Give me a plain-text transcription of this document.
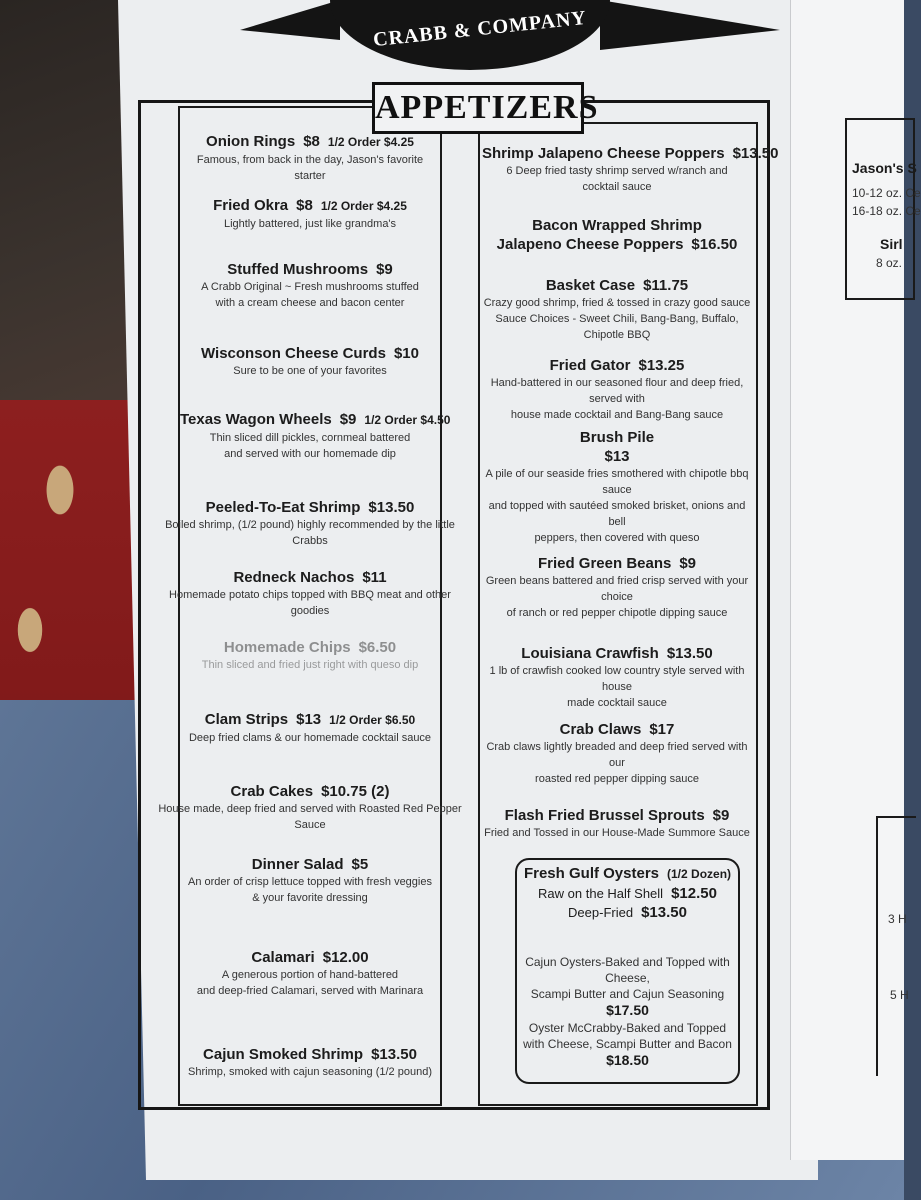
CRABB & COMPANY
APPETIZERS
Onion Rings $8 1/2 Order $4.25
Famous, from back in the day, Jason's favorite starter
Fried Okra $8 1/2 Order $4.25
Lightly battered, just like grandma's
Stuffed Mushrooms $9
A Crabb Original ~ Fresh mushrooms stuffed
with a cream cheese and bacon center
Wisconson Cheese Curds $10
Sure to be one of your favorites
Texas Wagon Wheels $9 1/2 Order $4.50
Thin sliced dill pickles, cornmeal battered
and served with our homemade dip
Peeled-To-Eat Shrimp $13.50
Boiled shrimp, (1/2 pound) highly recommended by the little Crabbs
Redneck Nachos $11
Homemade potato chips topped with BBQ meat and other goodies
Homemade Chips $6.50
Thin sliced and fried just right with queso dip
Clam Strips $13 1/2 Order $6.50
Deep fried clams & our homemade cocktail sauce
Crab Cakes $10.75 (2)
House made, deep fried and served with Roasted Red Pepper Sauce
Dinner Salad $5
An order of crisp lettuce topped with fresh veggies
& your favorite dressing
Calamari $12.00
A generous portion of hand-battered
and deep-fried Calamari, served with Marinara
Cajun Smoked Shrimp $13.50
Shrimp, smoked with cajun seasoning (1/2 pound)
Shrimp Jalapeno Cheese Poppers $13.50
6 Deep fried tasty shrimp served w/ranch and
cocktail sauce
Bacon Wrapped Shrimp
Jalapeno Cheese Poppers $16.50
Basket Case $11.75
Crazy good shrimp, fried & tossed in crazy good sauce
Sauce Choices - Sweet Chili, Bang-Bang, Buffalo, Chipotle BBQ
Fried Gator $13.25
Hand-battered in our seasoned flour and deep fried, served with
house made cocktail and Bang-Bang sauce
Brush Pile
$13
A pile of our seaside fries smothered with chipotle bbq sauce
and topped with sautéed smoked brisket, onions and bell
peppers, then covered with queso
Fried Green Beans $9
Green beans battered and fried crisp served with your choice
of ranch or red pepper chipotle dipping sauce
Louisiana Crawfish $13.50
1 lb of crawfish cooked low country style served with house
made cocktail sauce
Crab Claws $17
Crab claws lightly breaded and deep fried served with our
roasted red pepper dipping sauce
Flash Fried Brussel Sprouts $9
Fried and Tossed in our House-Made Summore Sauce
Fresh Gulf Oysters (1/2 Dozen)
Raw on the Half Shell $12.50
Deep-Fried $13.50
Cajun Oysters-Baked and Topped with Cheese,
Scampi Butter and Cajun Seasoning $17.50
Oyster McCrabby-Baked and Topped
with Cheese, Scampi Butter and Bacon $18.50
Jason's S
10-12 oz. Ce
16-18 oz. Ce
Sirl
8 oz.
3 H
5 H
